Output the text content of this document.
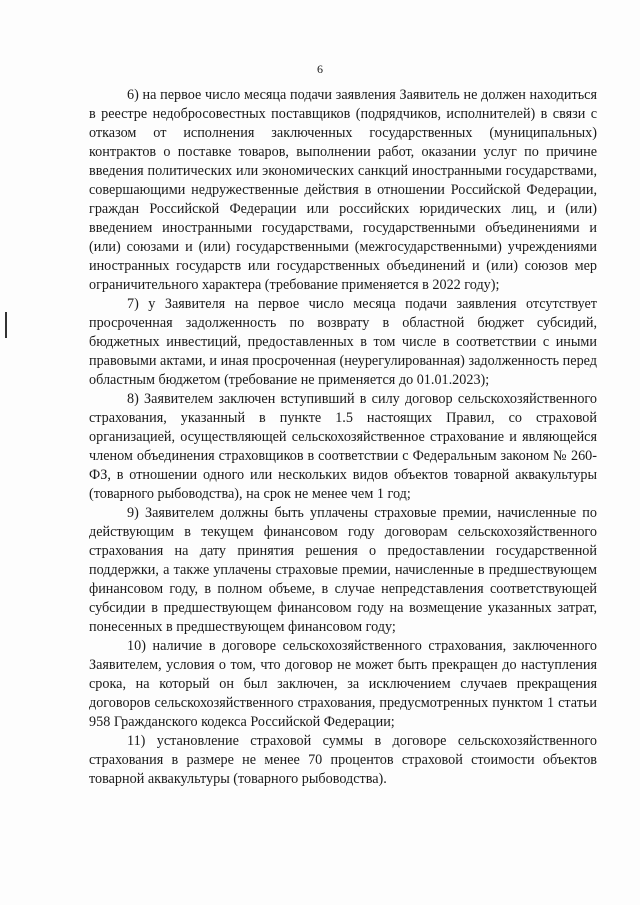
6

6) на первое число месяца подачи заявления Заявитель не должен находиться в реестре недобросовестных поставщиков (подрядчиков, исполнителей) в связи с отказом от исполнения заключенных государственных (муниципальных) контрактов о поставке товаров, выполнении работ, оказании услуг по причине введения политических или экономических санкций иностранными государствами, совершающими недружественные действия в отношении Российской Федерации, граждан Российской Федерации или российских юридических лиц, и (или) введением иностранными государствами, государственными объединениями и (или) союзами и (или) государственными (межгосударственными) учреждениями иностранных государств или государственных объединений и (или) союзов мер ограничительного характера (требование применяется в 2022 году);

7) у Заявителя на первое число месяца подачи заявления отсутствует просроченная задолженность по возврату в областной бюджет субсидий, бюджетных инвестиций, предоставленных в том числе в соответствии с иными правовыми актами, и иная просроченная (неурегулированная) задолженность перед областным бюджетом (требование не применяется до 01.01.2023);

8) Заявителем заключен вступивший в силу договор сельскохозяйственного страхования, указанный в пункте 1.5 настоящих Правил, со страховой организацией, осуществляющей сельскохозяйственное страхование и являющейся членом объединения страховщиков в соответствии с Федеральным законом № 260-ФЗ, в отношении одного или нескольких видов объектов товарной аквакультуры (товарного рыбоводства), на срок не менее чем 1 год;

9) Заявителем должны быть уплачены страховые премии, начисленные по действующим в текущем финансовом году договорам сельскохозяйственного страхования на дату принятия решения о предоставлении государственной поддержки, а также уплачены страховые премии, начисленные в предшествующем финансовом году, в полном объеме, в случае непредставления соответствующей субсидии в предшествующем финансовом году на возмещение указанных затрат, понесенных в предшествующем финансовом году;

10) наличие в договоре сельскохозяйственного страхования, заключенного Заявителем, условия о том, что договор не может быть прекращен до наступления срока, на который он был заключен, за исключением случаев прекращения договоров сельскохозяйственного страхования, предусмотренных пунктом 1 статьи 958 Гражданского кодекса Российской Федерации;

11) установление страховой суммы в договоре сельскохозяйственного страхования в размере не менее 70 процентов страховой стоимости объектов товарной аквакультуры (товарного рыбоводства).
